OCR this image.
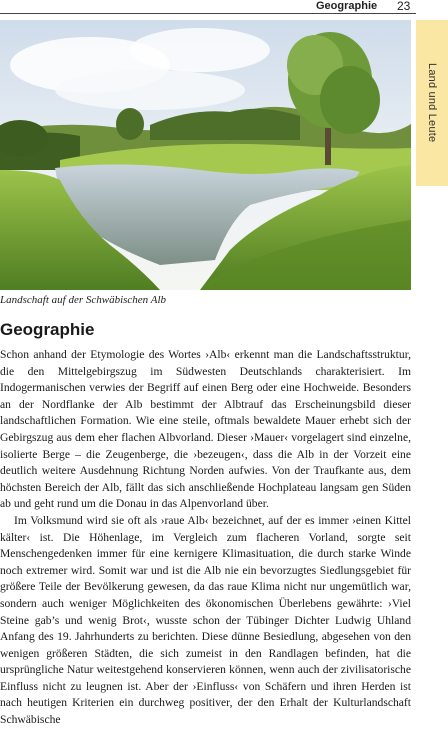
Geographie 23
Land und Leute
Landschaft auf der Schwäbischen Alb
Geographie

Schon anhand der Etymologie des Wortes ›Alb‹ erkennt man die Landschaftsstruktur, die den Mittelgebirgszug im Südwesten Deutschlands charakterisiert. Im Indogermanischen verwies der Begriff auf einen Berg oder eine Hochweide. Besonders an der Nordflanke der Alb bestimmt der Albtrauf das Erscheinungsbild dieser landschaftlichen Formation. Wie eine steile, oftmals bewaldete Mauer erhebt sich der Gebirgszug aus dem eher flachen Albvorland. Dieser ›Mauer‹ vorgelagert sind einzelne, isolierte Berge – die Zeugenberge, die ›bezeugen‹, dass die Alb in der Vorzeit eine deutlich weitere Ausdehnung Richtung Norden aufwies. Von der Traufkante aus, dem höchsten Bereich der Alb, fällt das sich anschließende Hochplateau langsam gen Süden ab und geht rund um die Donau in das Alpenvorland über.

Im Volksmund wird sie oft als ›raue Alb‹ bezeichnet, auf der es immer ›einen Kittel kälter‹ ist. Die Höhenlage, im Vergleich zum flacheren Vorland, sorgte seit Menschengedenken immer für eine kernigere Klimasituation, die durch starke Winde noch extremer wird. Somit war und ist die Alb nie ein bevorzugtes Siedlungsgebiet für größere Teile der Bevölkerung gewesen, da das raue Klima nicht nur ungemütlich war, sondern auch weniger Möglichkeiten des ökonomischen Überlebens gewährte: ›Viel Steine gab’s und wenig Brot‹, wusste schon der Tübinger Dichter Ludwig Uhland Anfang des 19. Jahrhunderts zu berichten. Diese dünne Besiedlung, abgesehen von den wenigen größeren Städten, die sich zumeist in den Randlagen befinden, hat die ursprüngliche Natur weitestgehend konservieren können, wenn auch der zivilisatorische Einfluss nicht zu leugnen ist. Aber der ›Einfluss‹ von Schäfern und ihren Herden ist nach heutigen Kriterien ein durchweg positiver, der den Erhalt der Kulturlandschaft Schwäbische
